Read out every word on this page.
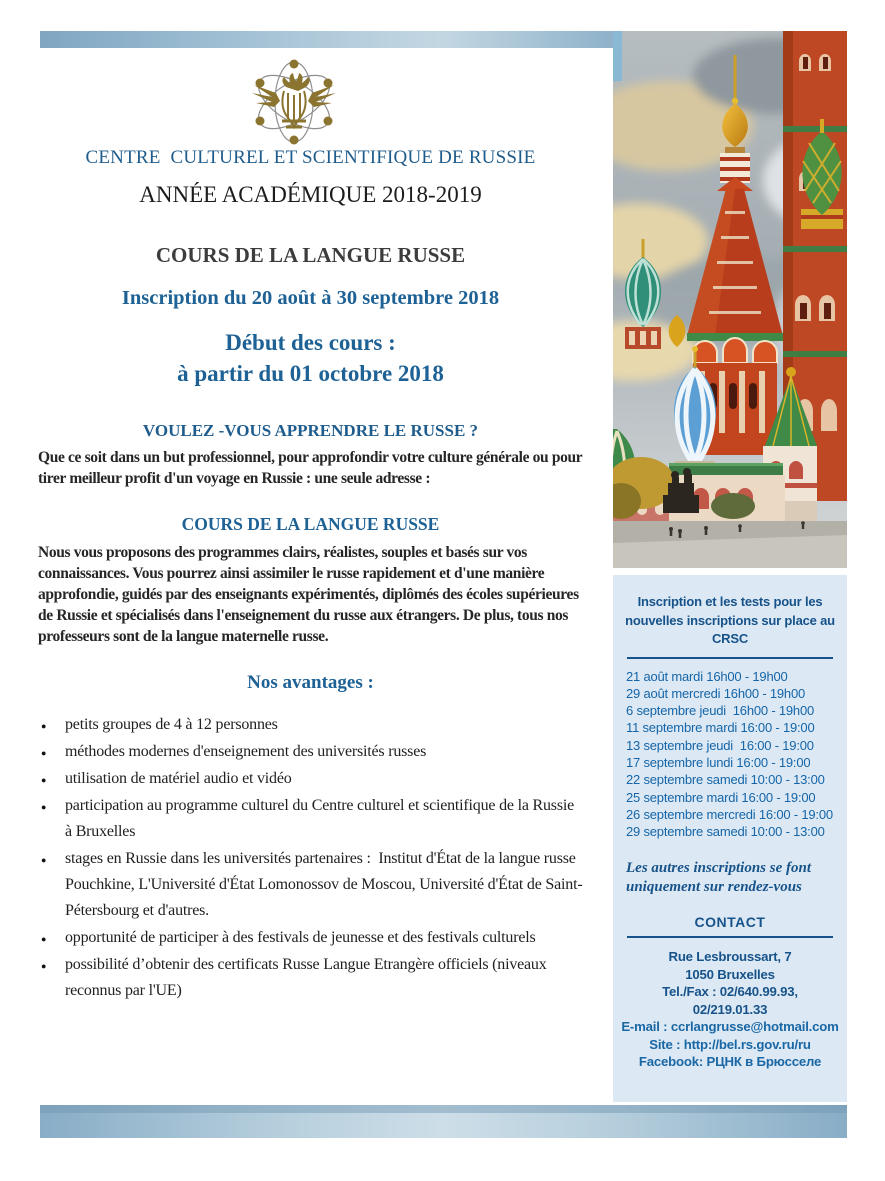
CENTRE  CULTUREL ET SCIENTIFIQUE DE RUSSIE
ANNÉE ACADÉMIQUE 2018-2019
COURS DE LA LANGUE RUSSE
Inscription du 20 août à 30 septembre 2018
Début des cours :
à partir du 01 octobre 2018
VOULEZ -VOUS APPRENDRE LE RUSSE ?

Que ce soit dans un but professionnel, pour approfondir votre culture générale ou pour tirer meilleur profit d'un voyage en Russie : une seule adresse :

COURS DE LA LANGUE RUSSE

Nous vous proposons des programmes clairs, réalistes, souples et basés sur vos connaissances. Vous pourrez ainsi assimiler le russe rapidement et d'une manière approfondie, guidés par des enseignants expérimentés, diplômés des écoles supérieures de Russie et spécialisés dans l'enseignement du russe aux étrangers. De plus, tous nos professeurs sont de la langue maternelle russe.

Nos avantages :
● petits groupes de 4 à 12 personnes
● méthodes modernes d'enseignement des universités russes
● utilisation de matériel audio et vidéo
● participation au programme culturel du Centre culturel et scientifique de la Russie à Bruxelles
● stages en Russie dans les universités partenaires :  Institut d'État de la langue russe Pouchkine, L'Université d'État Lomonossov de Moscou, Université d'État de Saint-Pétersbourg et d'autres.
● opportunité de participer à des festivals de jeunesse et des festivals culturels
● possibilité d’obtenir des certificats Russe Langue Etrangère officiels (niveaux reconnus par l'UE)
Inscription et les tests pour les
nouvelles inscriptions sur place au
CRSC
21 août mardi 16h00 - 19h00
29 août mercredi 16h00 - 19h00
6 septembre jeudi  16h00 - 19h00
11 septembre mardi 16:00 - 19:00
13 septembre jeudi  16:00 - 19:00
17 septembre lundi 16:00 - 19:00
22 septembre samedi 10:00 - 13:00
25 septembre mardi 16:00 - 19:00
26 septembre mercredi 16:00 - 19:00
29 septembre samedi 10:00 - 13:00
Les autres inscriptions se font
uniquement sur rendez-vous
CONTACT
Rue Lesbroussart, 7
1050 Bruxelles
Tel./Fax : 02/640.99.93,
02/219.01.33
E-mail : ccrlangrusse@hotmail.com
Site : http://bel.rs.gov.ru/ru
Facebook: РЦНК в Брюсселе
